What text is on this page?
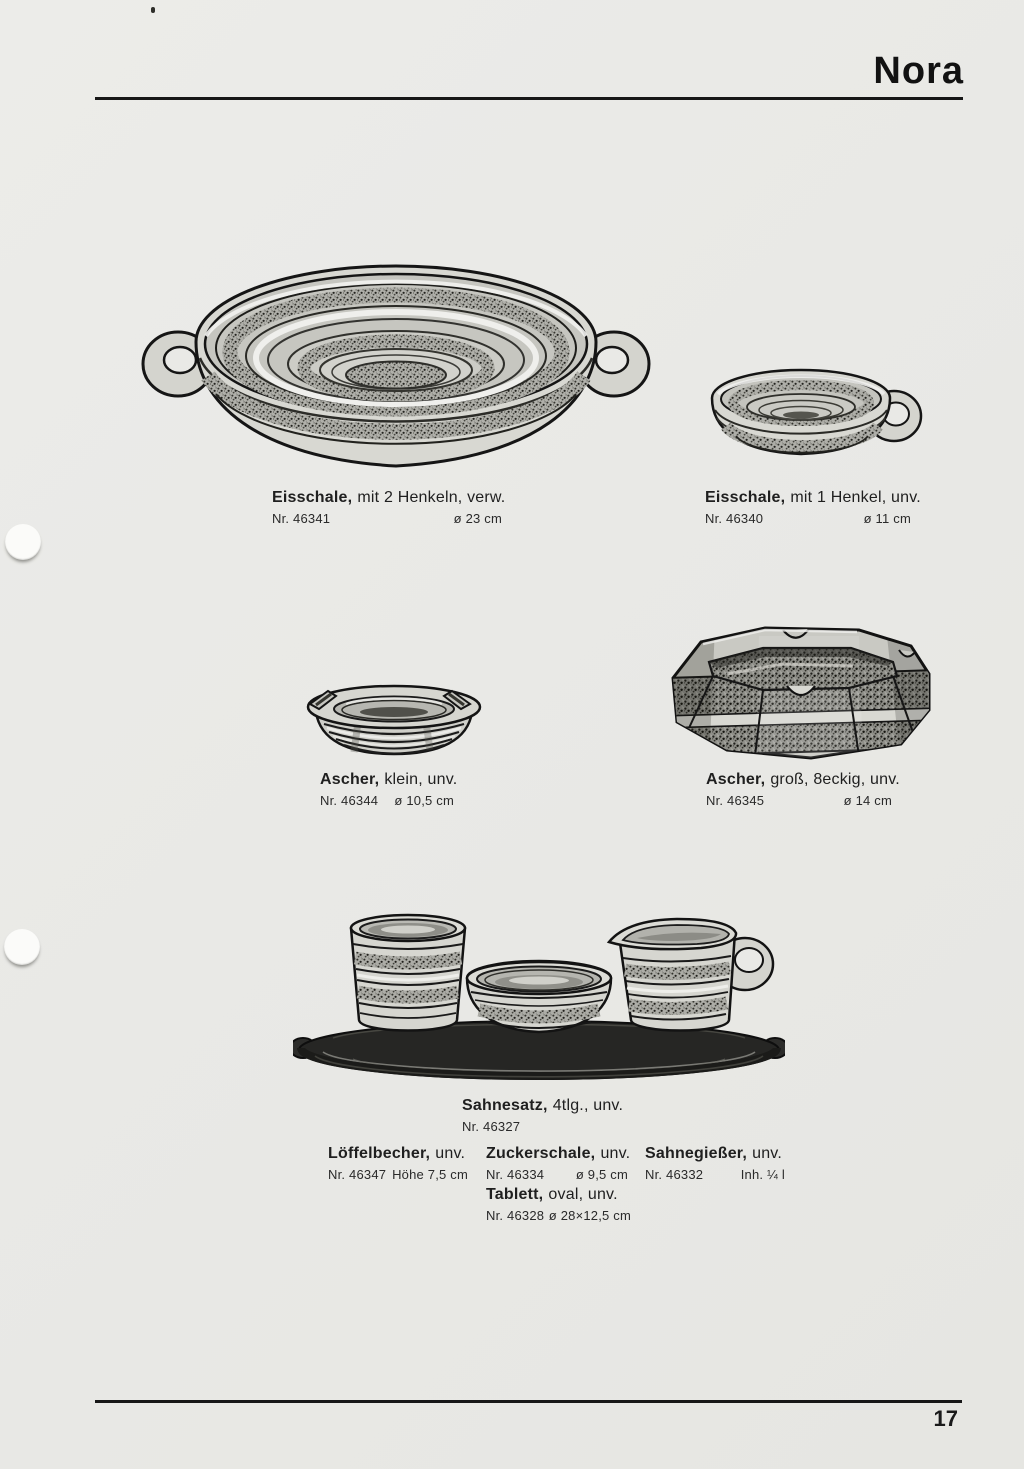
Nora
Eisschale, mit 2 Henkeln, verw.
Nr. 46341	ø 23 cm
Eisschale, mit 1 Henkel, unv.
Nr. 46340	ø 11 cm
Ascher, klein, unv.
Nr. 46344 ø 10,5 cm
Ascher, groß, 8eckig, unv.
Nr. 46345	ø 14 cm
Sahnesatz, 4tlg., unv.
Nr. 46327
Löffelbecher, unv.
Nr. 46347 Höhe 7,5 cm
Zuckerschale, unv.
Nr. 46334 ø 9,5 cm
Sahnegießer, unv.
Nr. 46332	Inh. ¼ l
Tablett, oval, unv.
Nr. 46328 ø 28×12,5 cm
17
